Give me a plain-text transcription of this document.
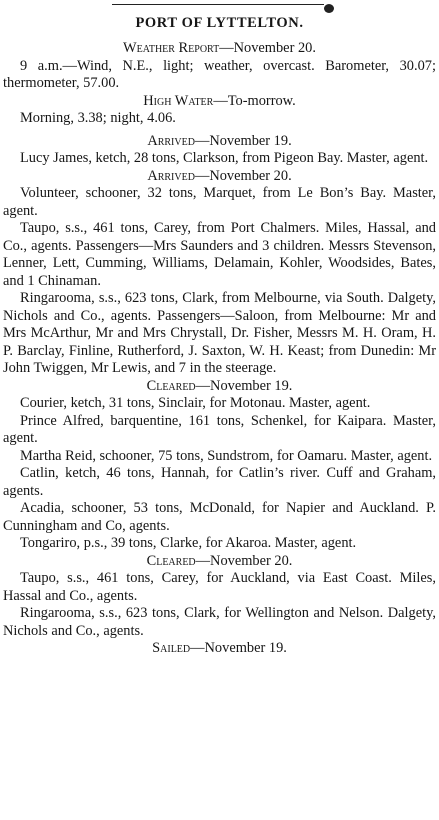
PORT OF LYTTELTON.

Weather Report—November 20.

9 a.m.—Wind, N.E., light; weather, overcast. Barometer, 30.07; thermometer, 57.00.

High Water—To-morrow.

Morning, 3.38; night, 4.06.

Arrived—November 19.

Lucy James, ketch, 28 tons, Clarkson, from Pigeon Bay. Master, agent.

Arrived—November 20.

Volunteer, schooner, 32 tons, Marquet, from Le Bon’s Bay. Master, agent.

Taupo, s.s., 461 tons, Carey, from Port Chalmers. Miles, Hassal, and Co., agents. Passengers—Mrs Saunders and 3 children. Messrs Stevenson, Lenner, Lett, Cumming, Williams, Delamain, Kohler, Woodsides, Bates, and 1 Chinaman.

Ringarooma, s.s., 623 tons, Clark, from Melbourne, via South. Dalgety, Nichols and Co., agents. Passengers—Saloon, from Melbourne: Mr and Mrs McArthur, Mr and Mrs Chrystall, Dr. Fisher, Messrs M. H. Oram, H. P. Barclay, Finline, Rutherford, J. Saxton, W. H. Keast; from Dunedin: Mr John Twiggen, Mr Lewis, and 7 in the steerage.

Cleared—November 19.

Courier, ketch, 31 tons, Sinclair, for Motonau. Master, agent.

Prince Alfred, barquentine, 161 tons, Schenkel, for Kaipara. Master, agent.

Martha Reid, schooner, 75 tons, Sundstrom, for Oamaru. Master, agent.

Catlin, ketch, 46 tons, Hannah, for Catlin’s river. Cuff and Graham, agents.

Acadia, schooner, 53 tons, McDonald, for Napier and Auckland. P. Cunningham and Co, agents.

Tongariro, p.s., 39 tons, Clarke, for Akaroa. Master, agent.

Cleared—November 20.

Taupo, s.s., 461 tons, Carey, for Auckland, via East Coast. Miles, Hassal and Co., agents.

Ringarooma, s.s., 623 tons, Clark, for Wellington and Nelson. Dalgety, Nichols and Co., agents.

Sailed—November 19.
